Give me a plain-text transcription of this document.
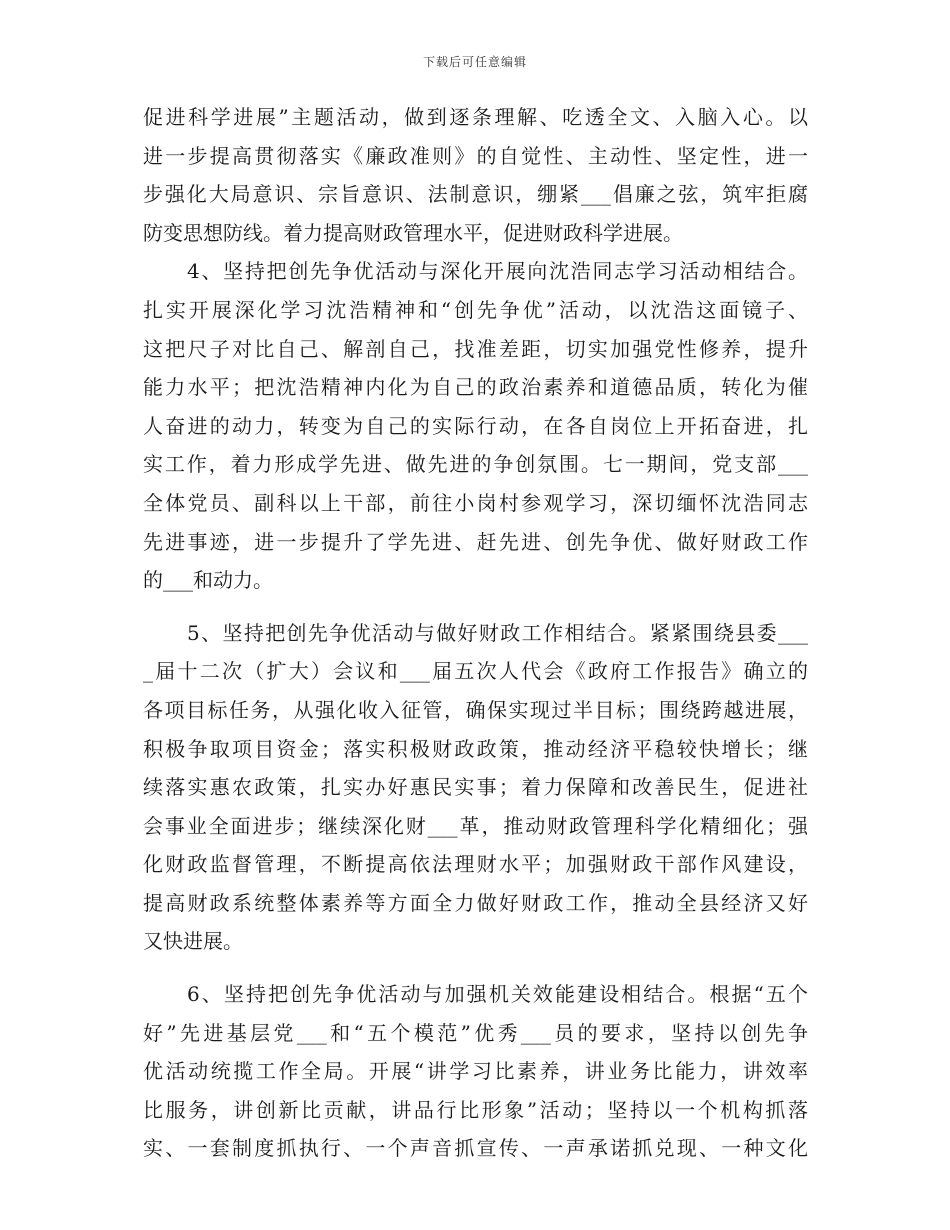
下载后可任意编辑
促进科学进展”主题活动，做到逐条理解、吃透全文、入脑入心。以
进一步提高贯彻落实《廉政准则》的自觉性、主动性、坚定性，进一
步强化大局意识、宗旨意识、法制意识，绷紧___倡廉之弦，筑牢拒腐
防变思想防线。着力提高财政管理水平，促进财政科学进展。
4、坚持把创先争优活动与深化开展向沈浩同志学习活动相结合。
扎实开展深化学习沈浩精神和“创先争优”活动，以沈浩这面镜子、
这把尺子对比自己、解剖自己，找准差距，切实加强党性修养，提升
能力水平；把沈浩精神内化为自己的政治素养和道德品质，转化为催
人奋进的动力，转变为自己的实际行动，在各自岗位上开拓奋进，扎
实工作，着力形成学先进、做先进的争创氛围。七一期间，党支部___
全体党员、副科以上干部，前往小岗村参观学习，深切缅怀沈浩同志
先进事迹，进一步提升了学先进、赶先进、创先争优、做好财政工作
的___和动力。
5、坚持把创先争优活动与做好财政工作相结合。紧紧围绕县委___
_届十二次（扩大）会议和___届五次人代会《政府工作报告》确立的
各项目标任务，从强化收入征管，确保实现过半目标；围绕跨越进展，
积极争取项目资金；落实积极财政政策，推动经济平稳较快增长；继
续落实惠农政策，扎实办好惠民实事；着力保障和改善民生，促进社
会事业全面进步；继续深化财___革，推动财政管理科学化精细化；强
化财政监督管理，不断提高依法理财水平；加强财政干部作风建设，
提高财政系统整体素养等方面全力做好财政工作，推动全县经济又好
又快进展。
6、坚持把创先争优活动与加强机关效能建设相结合。根据“五个
好”先进基层党___和“五个模范”优秀___员的要求，坚持以创先争
优活动统揽工作全局。开展“讲学习比素养，讲业务比能力，讲效率
比服务，讲创新比贡献，讲品行比形象”活动；坚持以一个机构抓落
实、一套制度抓执行、一个声音抓宣传、一声承诺抓兑现、一种文化
